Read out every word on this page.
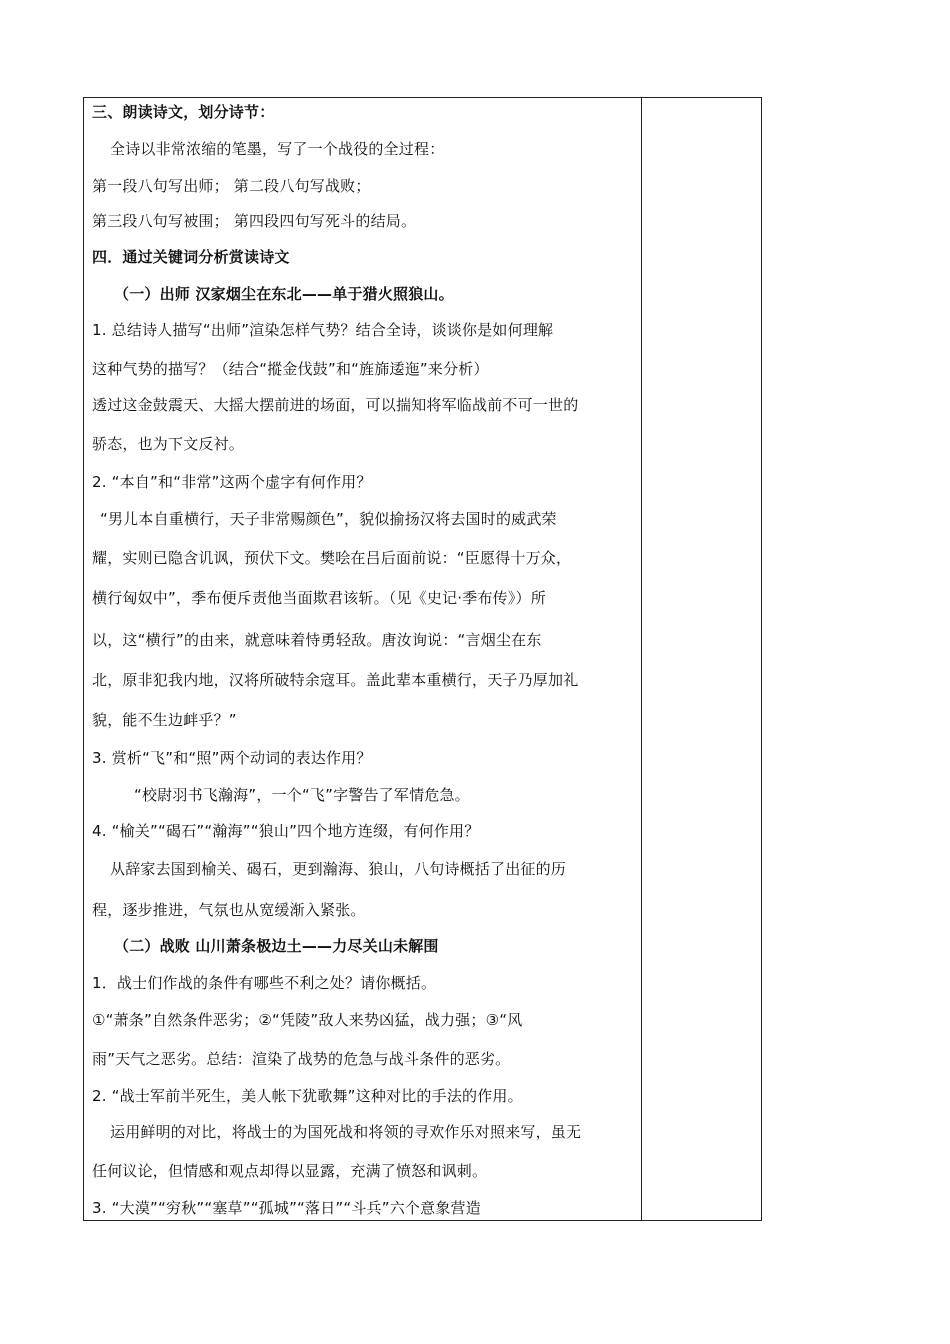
三、朗读诗文，划分诗节：
全诗以非常浓缩的笔墨，写了一个战役的全过程：
第一段八句写出师； 第二段八句写战败；
第三段八句写被围； 第四段四句写死斗的结局。
四．通过关键词分析赏读诗文
（一）出师 汉家烟尘在东北——单于猎火照狼山。
1. 总结诗人描写“出师”渲染怎样气势？结合全诗，谈谈你是如何理解
这种气势的描写？（结合“摐金伐鼓”和“旌旆逶迤”来分析）
透过这金鼓震天、大摇大摆前进的场面，可以揣知将军临战前不可一世的
骄态，也为下文反衬。
2. “本自”和“非常”这两个虚字有何作用？
“男儿本自重横行，天子非常赐颜色”，貌似揄扬汉将去国时的威武荣
耀，实则已隐含讥讽，预伏下文。樊哙在吕后面前说：“臣愿得十万众，
横行匈奴中”，季布便斥责他当面欺君该斩。（见《史记·季布传》）所
以，这“横行”的由来，就意味着恃勇轻敌。唐汝询说：“言烟尘在东
北，原非犯我内地，汉将所破特余寇耳。盖此辈本重横行，天子乃厚加礼
貌，能不生边衅乎？”
3. 赏析“飞”和“照”两个动词的表达作用？
“校尉羽书飞瀚海”，一个“飞”字警告了军情危急。
4. “榆关”“碣石”“瀚海”“狼山”四个地方连缀，有何作用？
从辞家去国到榆关、碣石，更到瀚海、狼山，八句诗概括了出征的历
程，逐步推进，气氛也从宽缓渐入紧张。
（二）战败 山川萧条极边土——力尽关山未解围
1．战士们作战的条件有哪些不利之处？请你概括。
①“萧条”自然条件恶劣；②“凭陵”敌人来势凶猛，战力强；③“风
雨”天气之恶劣。总结：渲染了战势的危急与战斗条件的恶劣。
2. “战士军前半死生，美人帐下犹歌舞”这种对比的手法的作用。
运用鲜明的对比，将战士的为国死战和将领的寻欢作乐对照来写，虽无
任何议论，但情感和观点却得以显露，充满了愤怒和讽刺。
3. “大漠”“穷秋”“塞草”“孤城”“落日”“斗兵”六个意象营造
